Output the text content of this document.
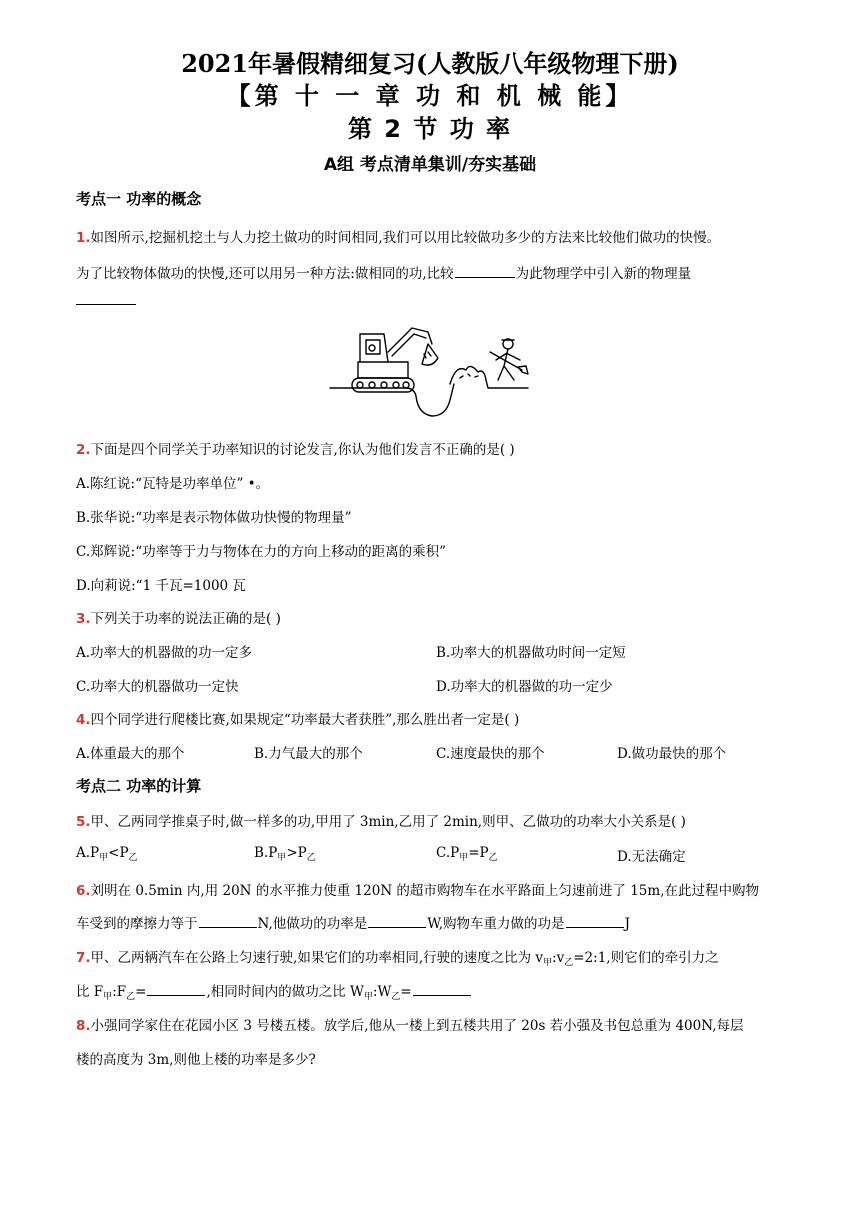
2021年暑假精细复习(人教版八年级物理下册)
【第 十 一 章 功 和 机 械 能】
第 2 节 功 率
A组 考点清单集训/夯实基础
考点一 功率的概念
1.如图所示,挖掘机挖土与人力挖土做功的时间相同,我们可以用比较做功多少的方法来比较他们做功的快慢。
为了比较物体做功的快慢,还可以用另一种方法:做相同的功,比较	为此物理学中引入新的物理量
2.下面是四个同学关于功率知识的讨论发言,你认为他们发言不正确的是( )
A.陈红说:“瓦特是功率单位” •。
B.张华说:“功率是表示物体做功快慢的物理量”
C.郑辉说:“功率等于力与物体在力的方向上移动的距离的乘积”
D.向莉说:“1 千瓦=1000 瓦
3.下列关于功率的说法正确的是( )
A.功率大的机器做的功一定多	B.功率大的机器做功时间一定短
C.功率大的机器做功一定快	D.功率大的机器做的功一定少
4.四个同学进行爬楼比赛,如果规定“功率最大者获胜”,那么胜出者一定是( )
A.体重最大的那个	B.力气最大的那个	C.速度最快的那个	D.做功最快的那个
考点二 功率的计算
5.甲、乙两同学推桌子时,做一样多的功,甲用了 3min,乙用了 2min,则甲、乙做功的功率大小关系是( )
$A.P_甲<P_乙$	$B.P_甲>P_乙$	$C.P_甲=P_乙$	D.无法确定
6.刘明在 0.5min 内,用 20N 的水平推力使重 120N 的超市购物车在水平路面上匀速前进了 15m,在此过程中购物
车受到的摩擦力等于	N,他做功的功率是	W,购物车重力做的功是	J
7.甲、乙两辆汽车在公路上匀速行驶,如果它们的功率相同,行驶的速度之比为 $v_甲:v_乙=2:1$,则它们的牵引力之
比 $F_甲:F_乙=$	,相同时间内的做功之比 $W_甲:W_乙=$
8.小强同学家住在花园小区 3 号楼五楼。放学后,他从一楼上到五楼共用了 20s 若小强及书包总重为 400N,每层
楼的高度为 3m,则他上楼的功率是多少?
